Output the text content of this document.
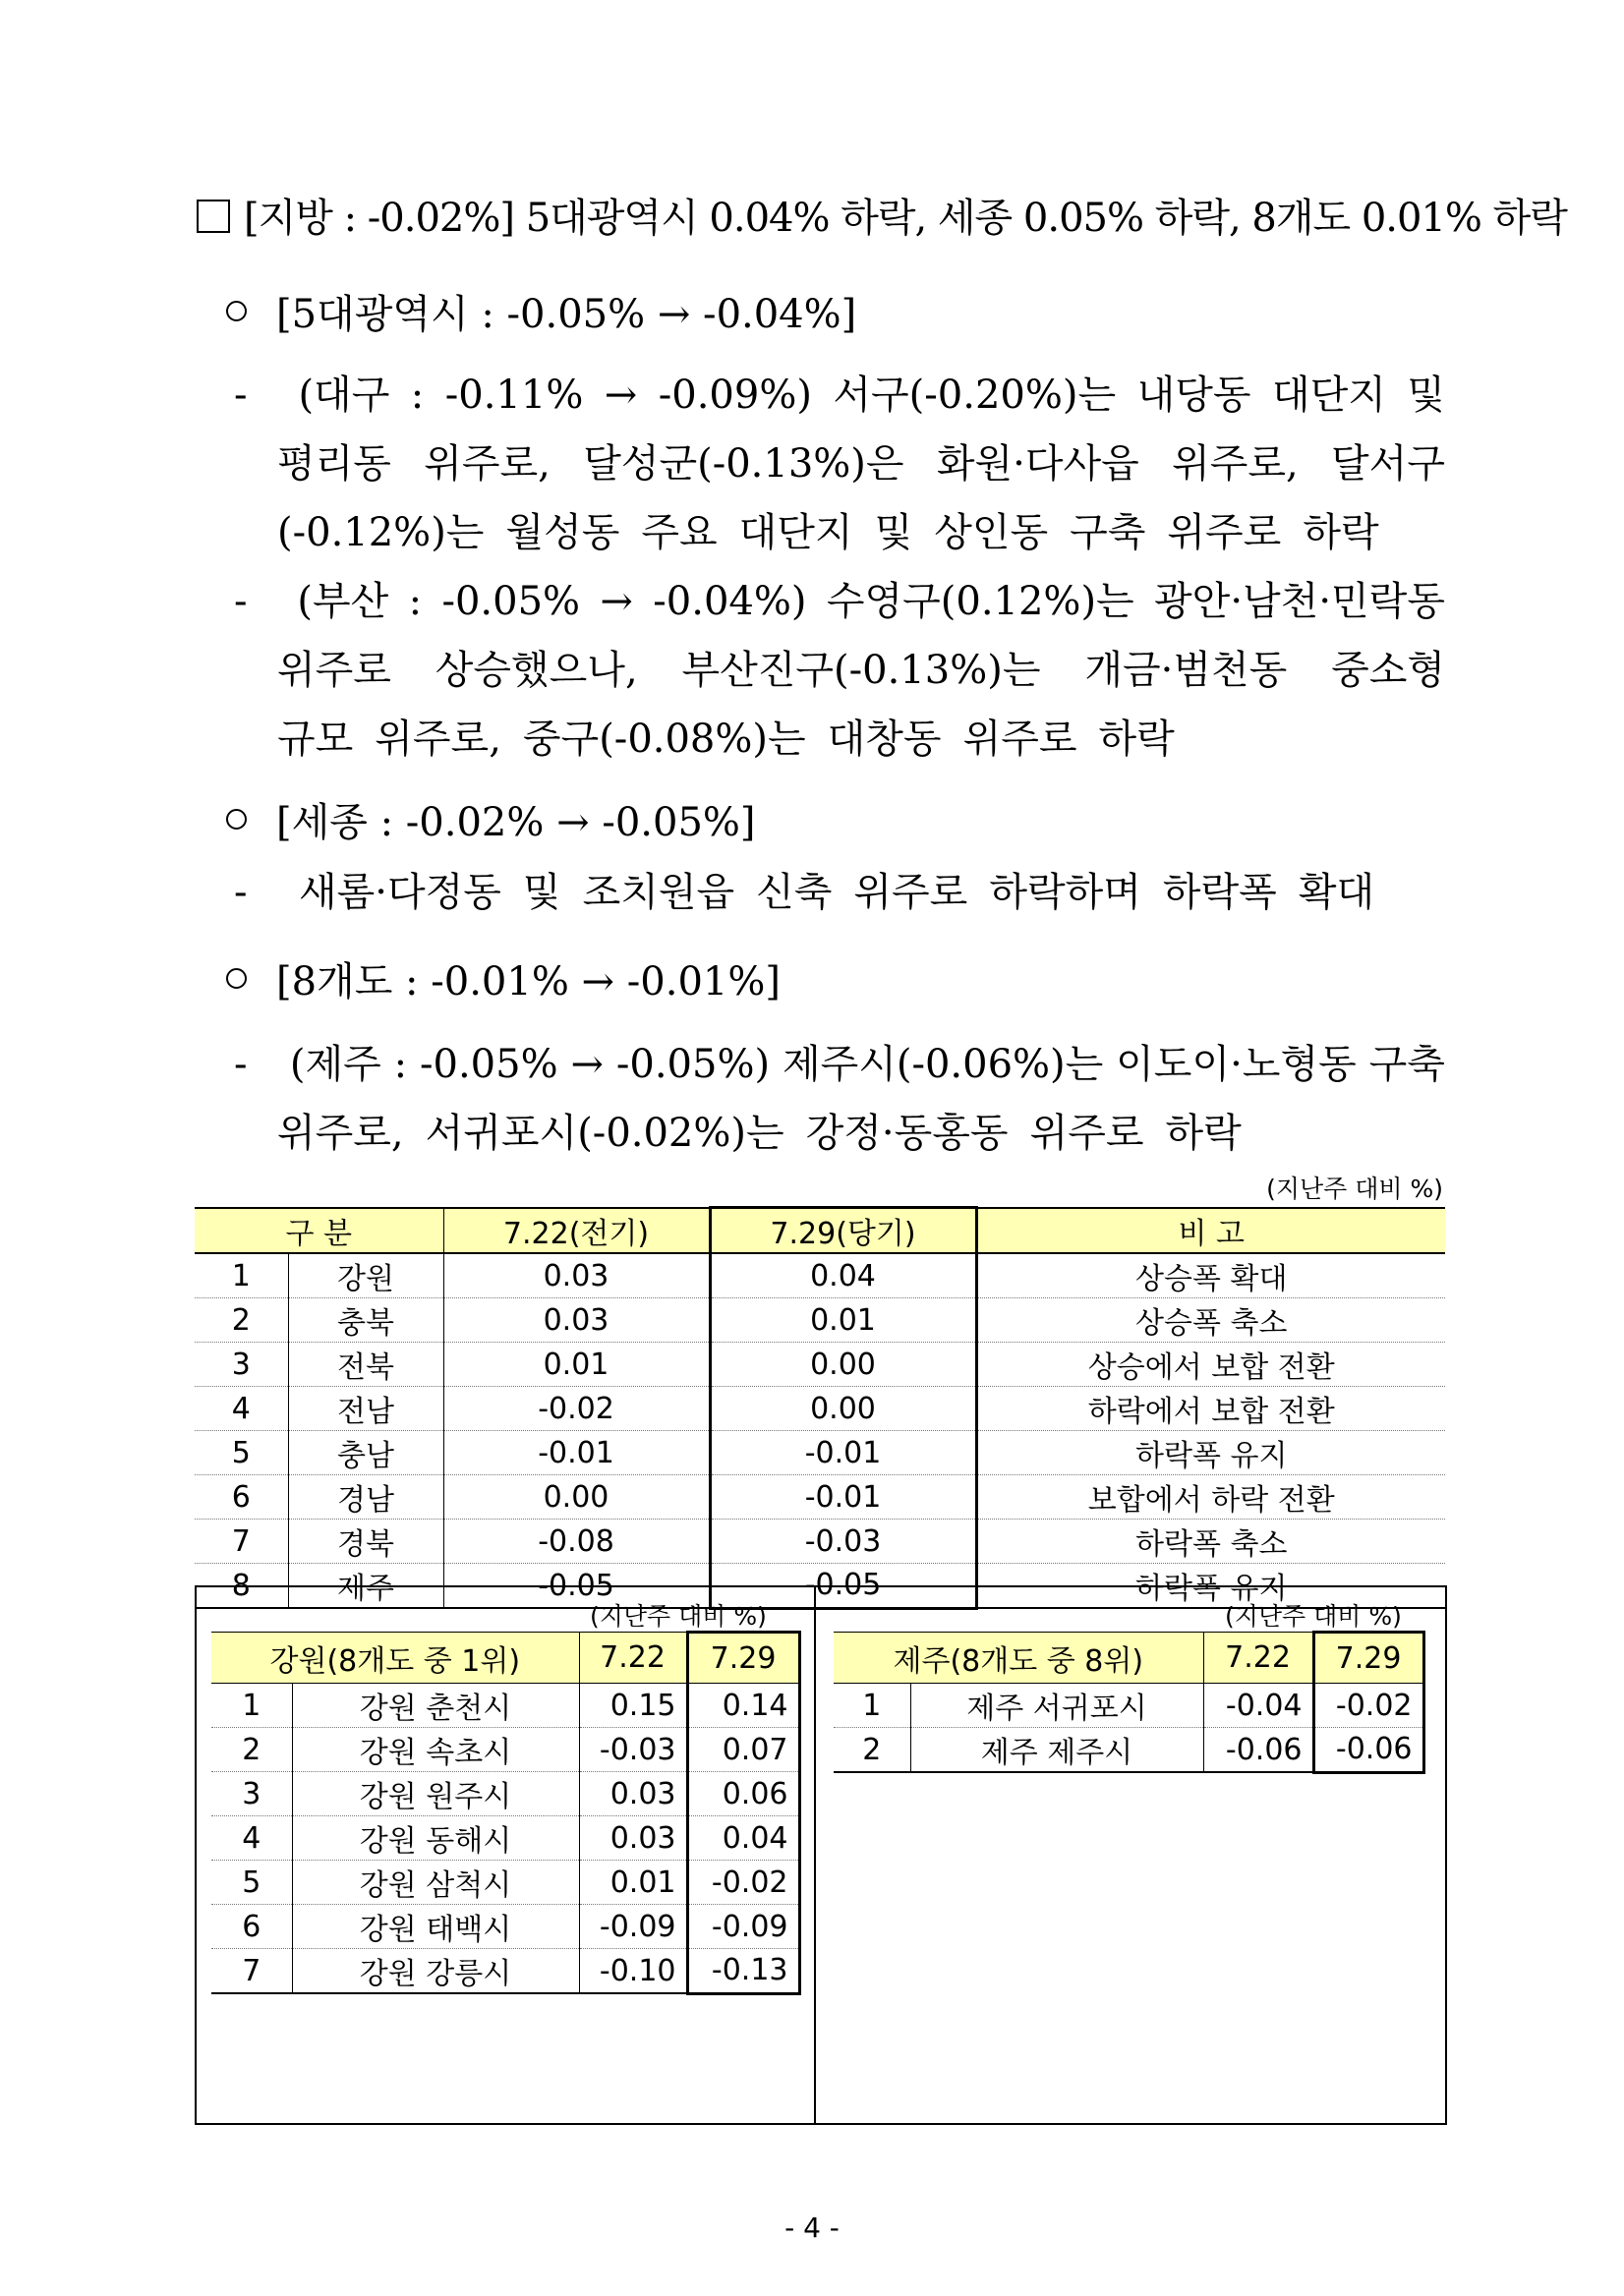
[지방 : -0.02%] 5대광역시 0.04% 하락, 세종 0.05% 하락, 8개도 0.01% 하락
[5대광역시 : -0.05% → -0.04%]
-	(대구 : -0.11% → -0.09%) 서구(-0.20%)는 내당동 대단지 및
평리동 위주로, 달성군(-0.13%)은 화원·다사읍 위주로, 달서구
(-0.12%)는 월성동 주요 대단지 및 상인동 구축 위주로 하락
-	(부산 : -0.05% → -0.04%) 수영구(0.12%)는 광안·남천·민락동
위주로 상승했으나, 부산진구(-0.13%)는 개금·범천동 중소형
규모 위주로, 중구(-0.08%)는 대창동 위주로 하락
[세종 : -0.02% → -0.05%]
-	새롬·다정동 및 조치원읍 신축 위주로 하락하며 하락폭 확대
[8개도 : -0.01% → -0.01%]
-	(제주 : -0.05% → -0.05%) 제주시(-0.06%)는 이도이·노형동 구축
위주로, 서귀포시(-0.02%)는 강정·동홍동 위주로 하락
(지난주 대비 %)
구 분		7.22(전기)	7.29(당기)	비 고
1	강원	0.03	0.04	상승폭 확대
2	충북	0.03	0.01	상승폭 축소
3	전북	0.01	0.00	상승에서 보합 전환
4	전남	-0.02	0.00	하락에서 보합 전환
5	충남	-0.01	-0.01	하락폭 유지
6	경남	0.00	-0.01	보합에서 하락 전환
7	경북	-0.08	-0.03	하락폭 축소
8	제주	-0.05	-0.05	하락폭 유지
(지난주 대비 %)
강원(8개도 중 1위)		7.22	7.29
1	강원 춘천시	0.15	0.14
2	강원 속초시	-0.03	0.07
3	강원 원주시	0.03	0.06
4	강원 동해시	0.03	0.04
5	강원 삼척시	0.01	-0.02
6	강원 태백시	-0.09	-0.09
7	강원 강릉시	-0.10	-0.13
(지난주 대비 %)
제주(8개도 중 8위)		7.22	7.29
1	제주 서귀포시	-0.04	-0.02
2	제주 제주시	-0.06	-0.06
- 4 -
